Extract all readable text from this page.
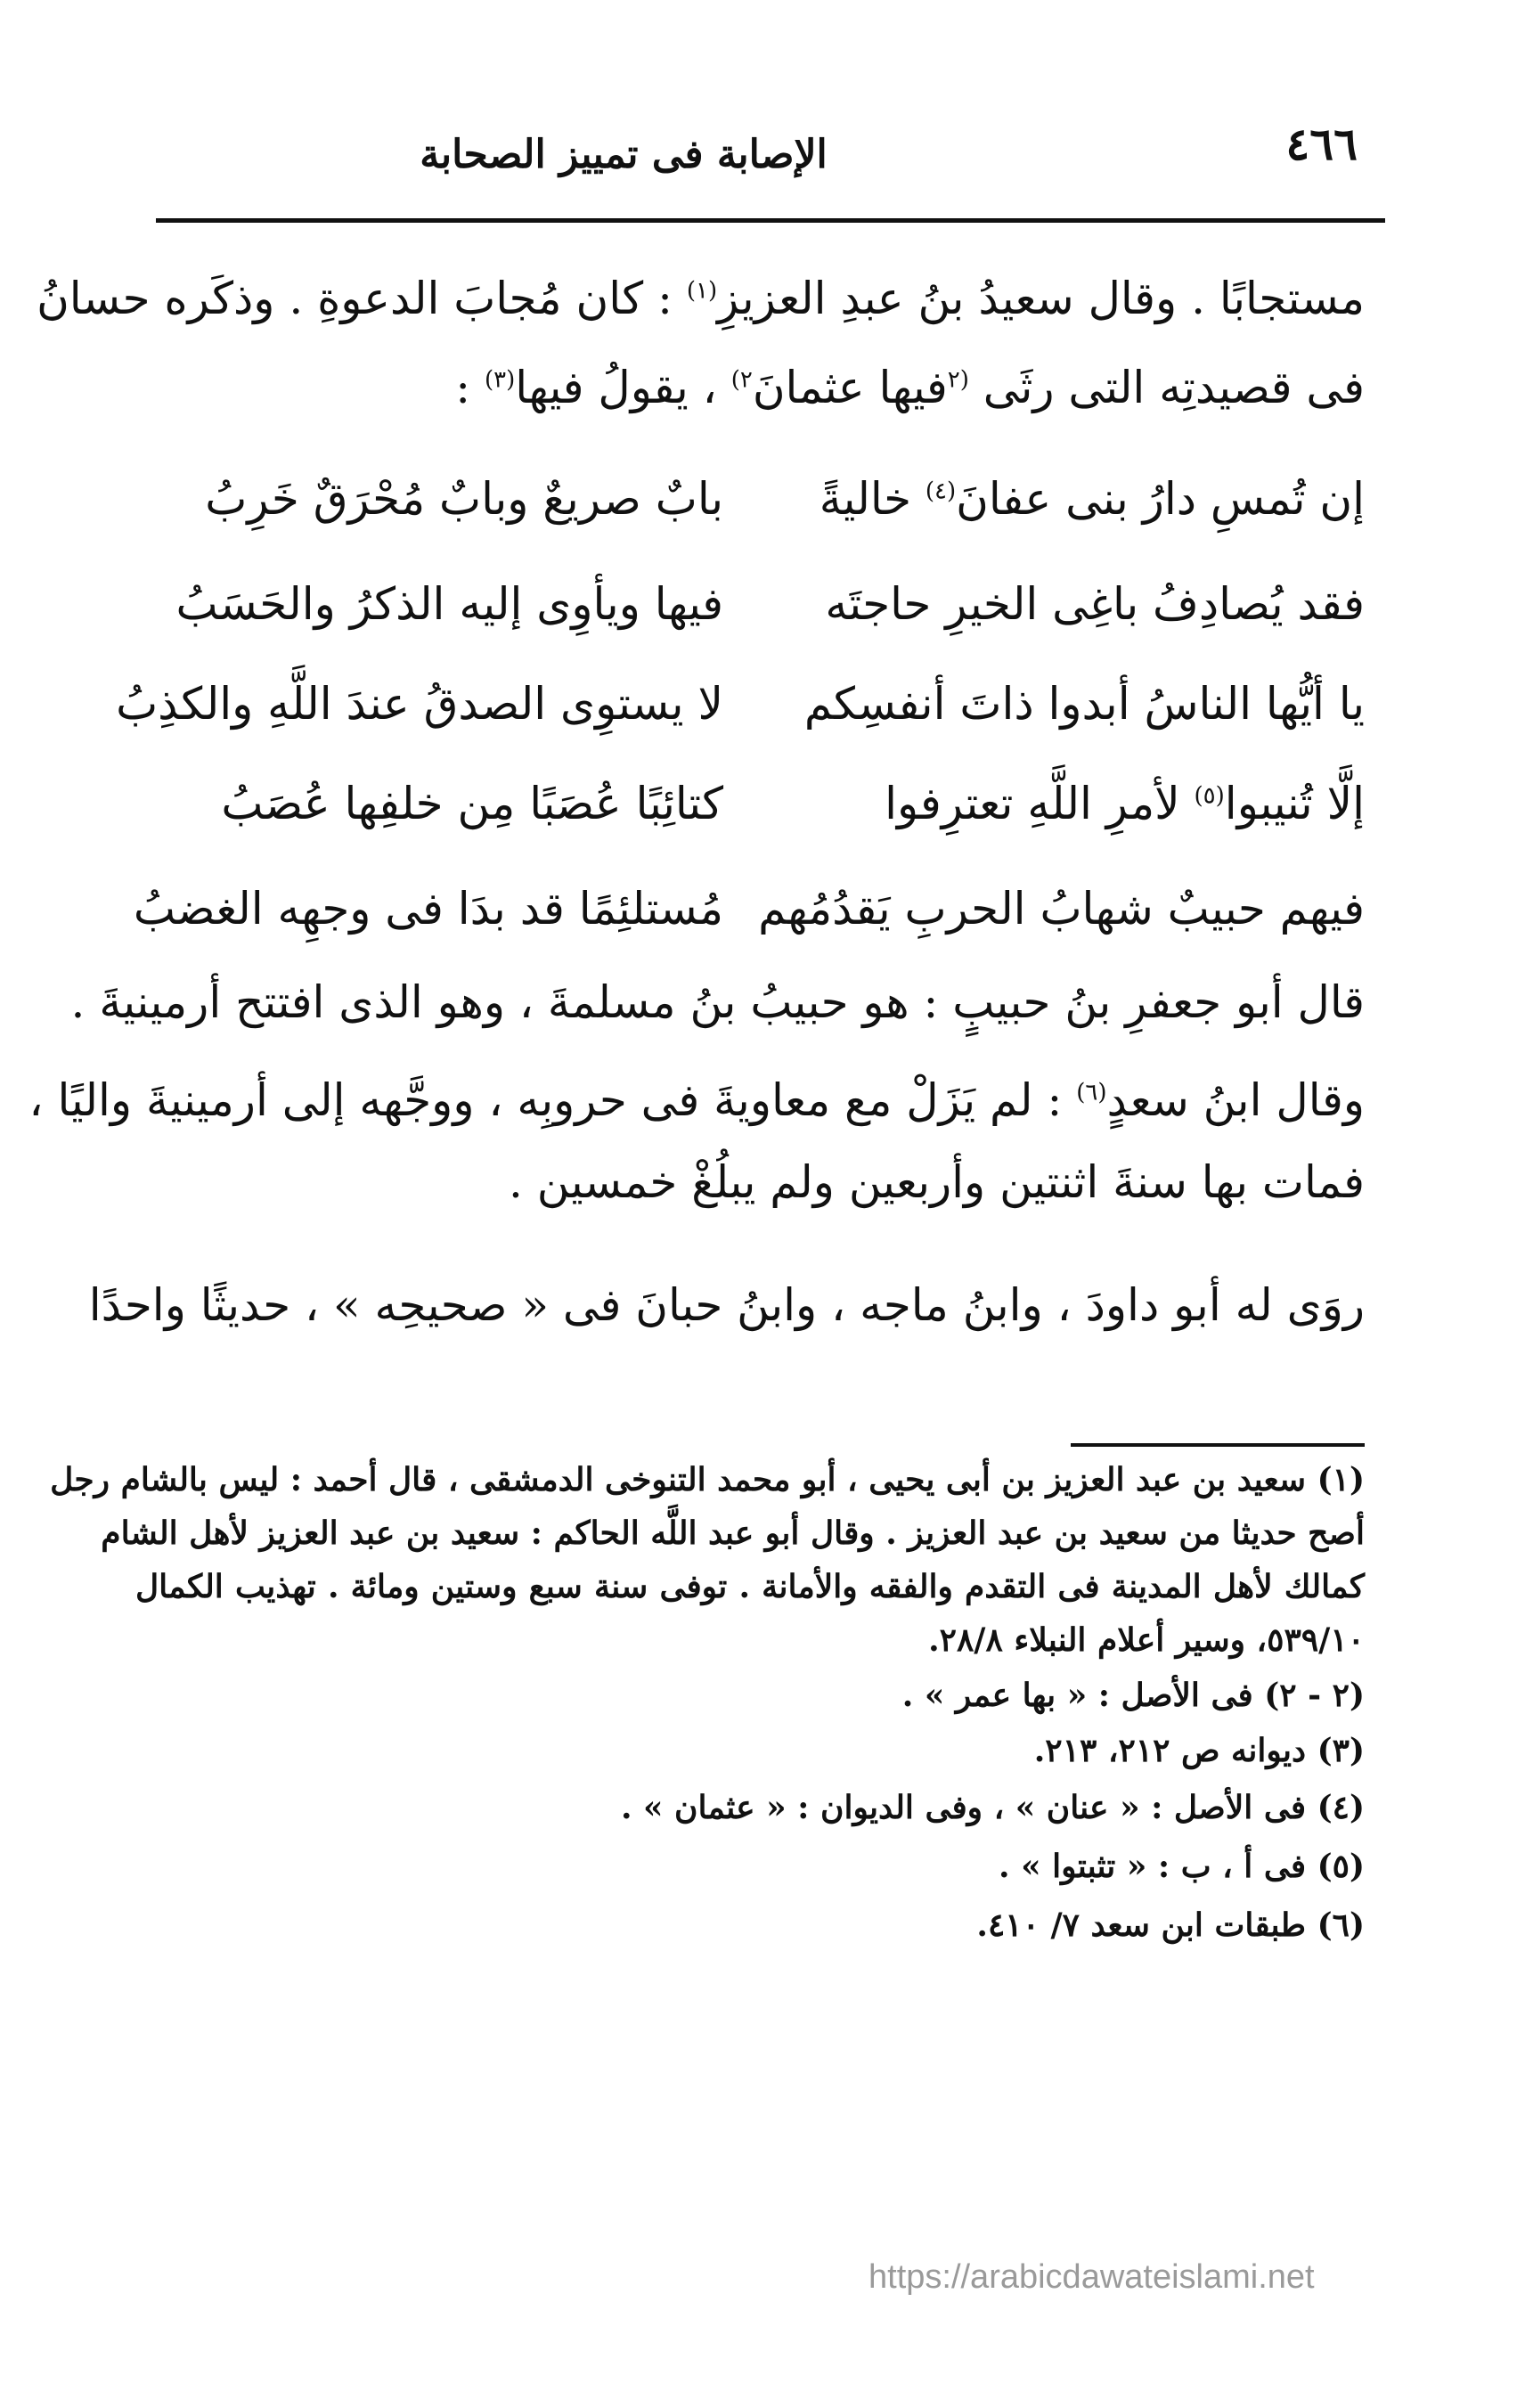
٤٦٦
الإصابة فى تمييز الصحابة
مستجابًا . وقال سعيدُ بنُ عبدِ العزيزِ$^{(١)}$ : كان مُجابَ الدعوةِ . وذكَره حسانُ
فى قصيدتِه التى رثَى $^{(٢}$فيها عثمانَ$^{٢)}$ ، يقولُ فيها$^{(٣)}$ :
إن تُمسِ دارُ بنى عفانَ$^{(٤)}$ خاليةً
بابٌ صريعٌ وبابٌ مُحْرَقٌ خَرِبُ
فقد يُصادِفُ باغِى الخيرِ حاجتَه
فيها ويأوِى إليه الذكرُ والحَسَبُ
يا أيُّها الناسُ أبدوا ذاتَ أنفسِكم
لا يستوِى الصدقُ عندَ اللَّهِ والكذِبُ
إلَّا تُنيبوا$^{(٥)}$ لأمرِ اللَّهِ تعترِفوا
كتائِبًا عُصَبًا مِن خلفِها عُصَبُ
فيهم حبيبٌ شهابُ الحربِ يَقدُمُهم
مُستلئِمًا قد بدَا فى وجهِه الغضبُ
قال أبو جعفرِ بنُ حبيبٍ : هو حبيبُ بنُ مسلمةَ ، وهو الذى افتتح أرمينيةَ .
وقال ابنُ سعدٍ$^{(٦)}$ : لم يَزَلْ مع معاويةَ فى حروبِه ، ووجَّهه إلى أرمينيةَ واليًا ،
فمات بها سنةَ اثنتين وأربعين ولم يبلُغْ خمسين .
روَى له أبو داودَ ، وابنُ ماجه ، وابنُ حبانَ فى « صحيحِه » ، حديثًا واحدًا
(١) سعيد بن عبد العزيز بن أبى يحيى ، أبو محمد التنوخى الدمشقى ، قال أحمد : ليس بالشام رجل
أصح حديثا من سعيد بن عبد العزيز . وقال أبو عبد اللَّه الحاكم : سعيد بن عبد العزيز لأهل الشام
كمالك لأهل المدينة فى التقدم والفقه والأمانة . توفى سنة سبع وستين ومائة . تهذيب الكمال
٥٣٩/١٠، وسير أعلام النبلاء ٢٨/٨.
(٢ - ٢) فى الأصل : « بها عمر » .
(٣) ديوانه ص ٢١٢، ٢١٣.
(٤) فى الأصل : « عنان » ، وفى الديوان : « عثمان » .
(٥) فى أ ، ب : « تثبتوا » .
(٦) طبقات ابن سعد ٧/ ٤١٠.
https://arabicdawateislami.net
